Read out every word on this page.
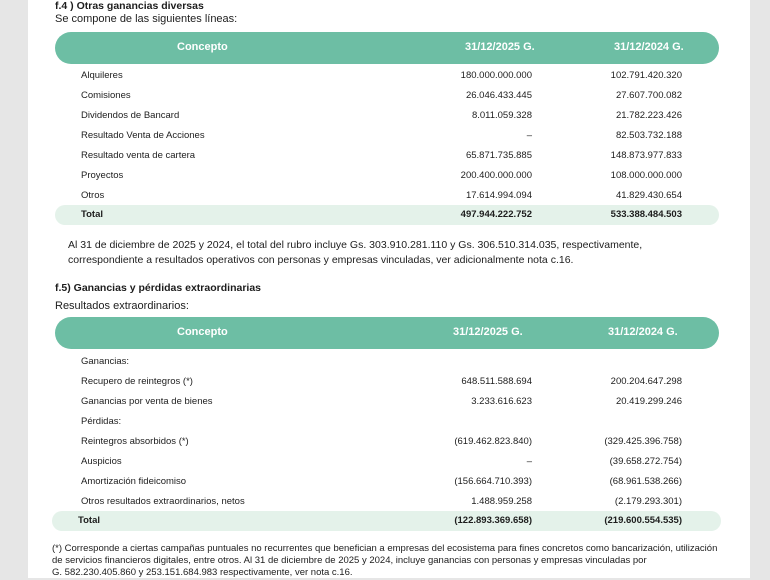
f.4 ) Otras ganancias diversas
Se compone de las siguientes líneas:
Concepto	31/12/2025 G.	31/12/2024 G.
Alquileres	180.000.000.000	102.791.420.320
Comisiones	26.046.433.445	27.607.700.082
Dividendos de Bancard	8.011.059.328	21.782.223.426
Resultado Venta de Acciones	–	82.503.732.188
Resultado venta de cartera	65.871.735.885	148.873.977.833
Proyectos	200.400.000.000	108.000.000.000
Otros	17.614.994.094	41.829.430.654
Total	497.944.222.752	533.388.484.503
Al 31 de diciembre de 2025 y 2024, el total del rubro incluye Gs. 303.910.281.110 y Gs. 306.510.314.035, respectivamente,
correspondiente a resultados operativos con personas y empresas vinculadas, ver adicionalmente nota c.16.
f.5) Ganancias y pérdidas extraordinarias
Resultados extraordinarios:
Concepto	31/12/2025 G.	31/12/2024 G.
Ganancias:
Recupero de reintegros (*)	648.511.588.694	200.204.647.298
Ganancias por venta de bienes	3.233.616.623	20.419.299.246
Pérdidas:
Reintegros absorbidos (*)	(619.462.823.840)	(329.425.396.758)
Auspicios	–	(39.658.272.754)
Amortización fideicomiso	(156.664.710.393)	(68.961.538.266)
Otros resultados extraordinarios, netos	1.488.959.258	(2.179.293.301)
Total	(122.893.369.658)	(219.600.554.535)
(*) Corresponde a ciertas campañas puntuales no recurrentes que benefician a empresas del ecosistema para fines concretos como bancarización, utilización
de servicios financieros digitales, entre otros. Al 31 de diciembre de 2025 y 2024, incluye ganancias con personas y empresas vinculadas por
G. 582.230.405.860 y 253.151.684.983 respectivamente, ver nota c.16.
